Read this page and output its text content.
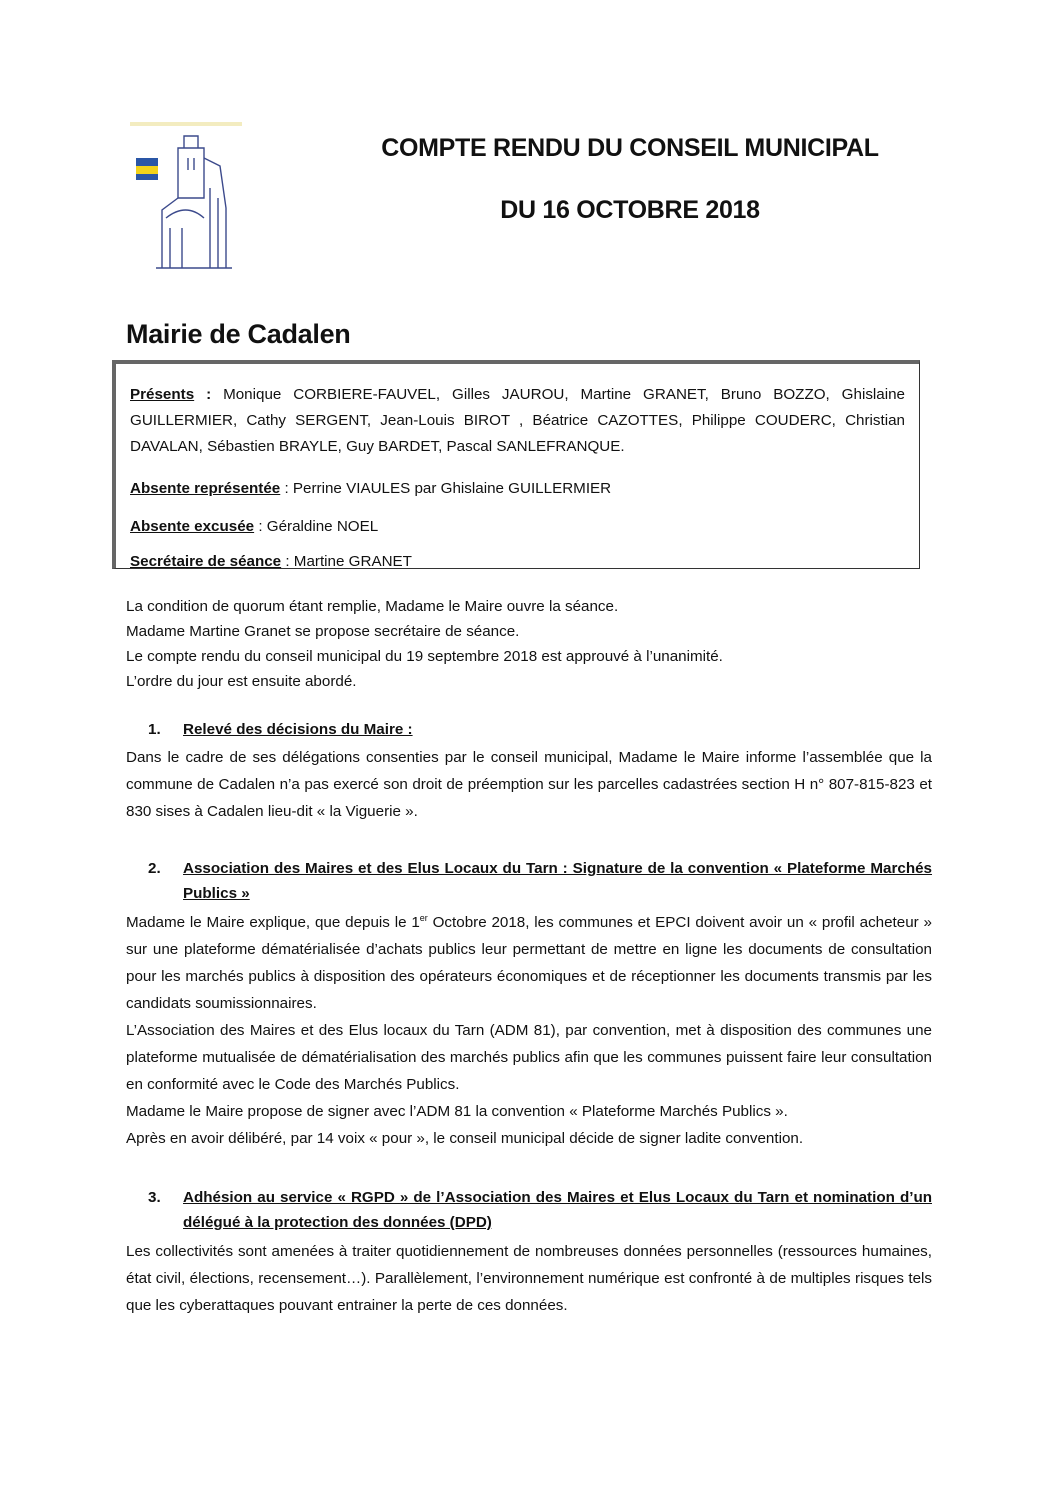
COMPTE RENDU DU CONSEIL MUNICIPAL
DU 16 OCTOBRE 2018
Mairie de Cadalen
Présents : Monique CORBIERE-FAUVEL, Gilles JAUROU, Martine GRANET, Bruno BOZZO, Ghislaine GUILLERMIER, Cathy SERGENT, Jean-Louis BIROT , Béatrice CAZOTTES, Philippe COUDERC, Christian DAVALAN, Sébastien BRAYLE, Guy BARDET, Pascal SANLEFRANQUE.
Absente représentée : Perrine VIAULES par Ghislaine GUILLERMIER
Absente excusée : Géraldine NOEL
Secrétaire de séance : Martine GRANET

La condition de quorum étant remplie, Madame le Maire ouvre la séance.

Madame Martine Granet se propose secrétaire de séance.

Le compte rendu du conseil municipal du 19 septembre 2018 est approuvé à l’unanimité.

L’ordre du jour est ensuite abordé.

1. Relevé des décisions du Maire :

Dans le cadre de ses délégations consenties par le conseil municipal, Madame le Maire informe l’assemblée que la commune de Cadalen n’a pas exercé son droit de préemption sur les parcelles cadastrées section H n° 807-815-823 et 830 sises à Cadalen lieu-dit « la Viguerie ».

2. Association des Maires et des Elus Locaux du Tarn : Signature de la convention « Plateforme Marchés Publics »

Madame le Maire explique, que depuis le 1er Octobre 2018, les communes et EPCI doivent avoir un « profil acheteur » sur une plateforme dématérialisée d’achats publics leur permettant de mettre en ligne les documents de consultation pour les marchés publics à disposition des opérateurs économiques et de réceptionner les documents transmis par les candidats soumissionnaires.

L’Association des Maires et des Elus locaux du Tarn (ADM 81), par convention, met à disposition des communes une plateforme mutualisée de dématérialisation des marchés publics afin que les communes puissent faire leur consultation en conformité avec le Code des Marchés Publics.

Madame le Maire propose de signer avec l’ADM 81 la convention « Plateforme Marchés Publics ».

Après en avoir délibéré, par 14 voix « pour », le conseil municipal décide de signer ladite convention.

3. Adhésion au service « RGPD » de l’Association des Maires et Elus Locaux du Tarn et nomination d’un délégué à la protection des données (DPD)

Les collectivités sont amenées à traiter quotidiennement de nombreuses données personnelles (ressources humaines, état civil, élections, recensement…). Parallèlement, l’environnement numérique est confronté à de multiples risques tels que les cyberattaques pouvant entrainer la perte de ces données.
